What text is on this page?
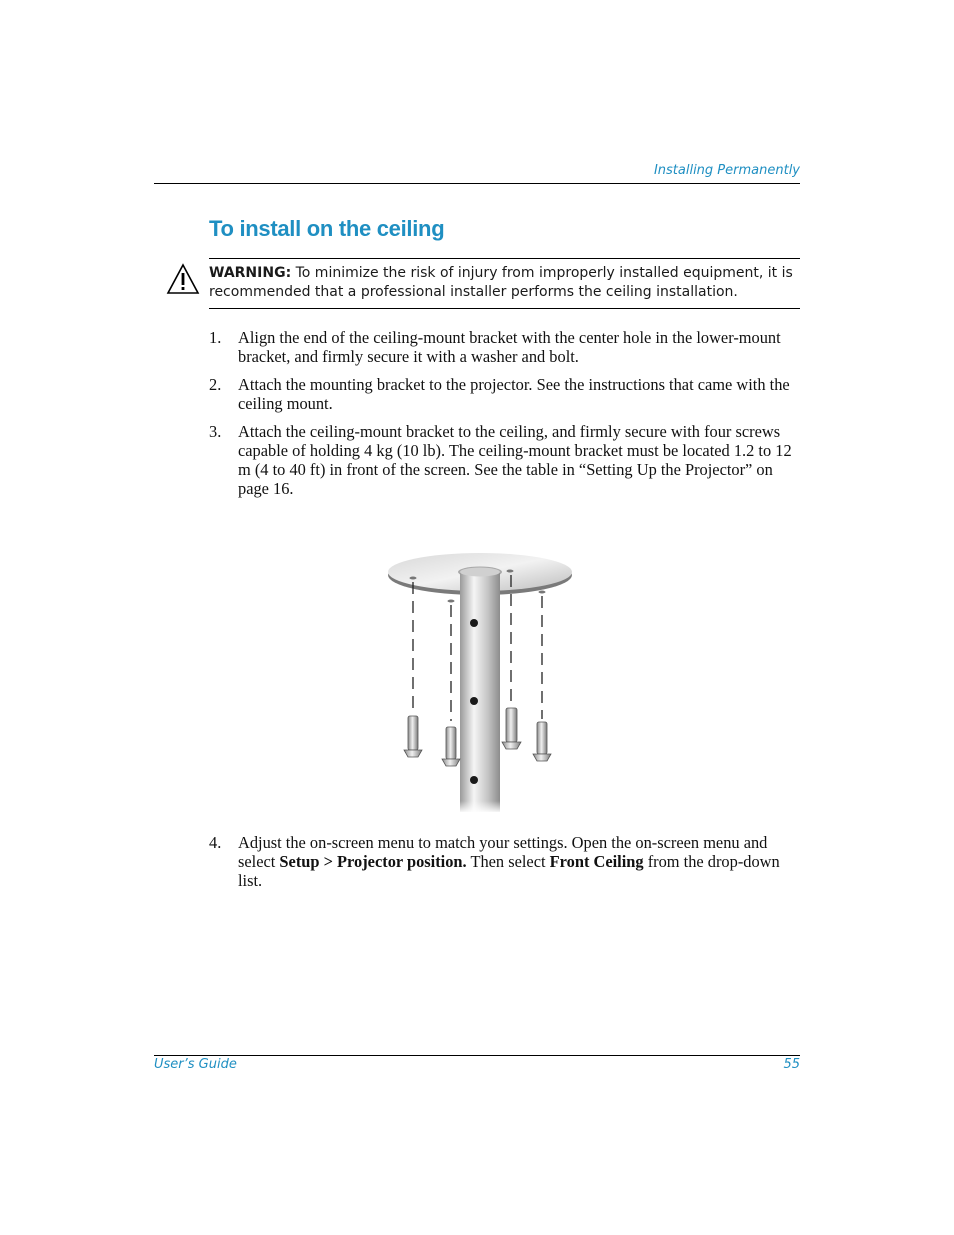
Installing Permanently
To install on the ceiling
WARNING: To minimize the risk of injury from improperly installed equipment, it is recommended that a professional installer performs the ceiling installation.
1. Align the end of the ceiling-mount bracket with the center hole in the lower-mount bracket, and firmly secure it with a washer and bolt.
2. Attach the mounting bracket to the projector. See the instructions that came with the ceiling mount.
3. Attach the ceiling-mount bracket to the ceiling, and firmly secure with four screws capable of holding 4 kg (10 lb). The ceiling-mount bracket must be located 1.2 to 12 m (4 to 40 ft) in front of the screen. See the table in “Setting Up the Projector” on page 16.
4. Adjust the on-screen menu to match your settings. Open the on-screen menu and select Setup > Projector position. Then select Front Ceiling from the drop-down list.
User’s Guide	55
